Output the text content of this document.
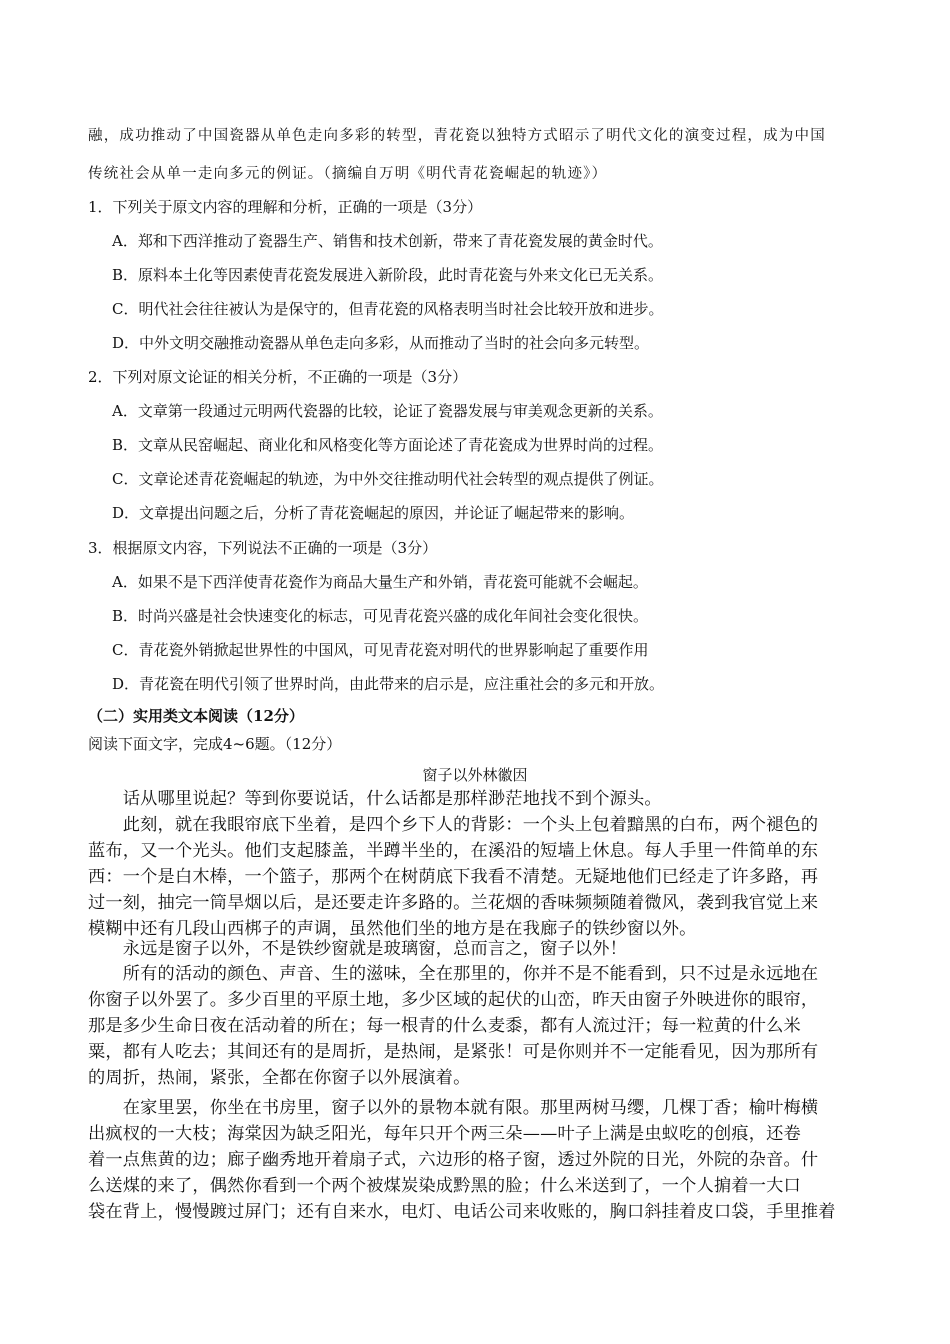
融，成功推动了中国瓷器从单色走向多彩的转型，青花瓷以独特方式昭示了明代文化的演变过程，成为中国
传统社会从单一走向多元的例证。（摘编自万明《明代青花瓷崛起的轨迹》）
1．下列关于原文内容的理解和分析，正确的一项是（3分）
A．郑和下西洋推动了瓷器生产、销售和技术创新，带来了青花瓷发展的黄金时代。
B．原料本土化等因素使青花瓷发展进入新阶段，此时青花瓷与外来文化已无关系。
C．明代社会往往被认为是保守的，但青花瓷的风格表明当时社会比较开放和进步。
D．中外文明交融推动瓷器从单色走向多彩，从而推动了当时的社会向多元转型。
2．下列对原文论证的相关分析，不正确的一项是（3分）
A．文章第一段通过元明两代瓷器的比较，论证了瓷器发展与审美观念更新的关系。
B．文章从民窑崛起、商业化和风格变化等方面论述了青花瓷成为世界时尚的过程。
C．文章论述青花瓷崛起的轨迹，为中外交往推动明代社会转型的观点提供了例证。
D．文章提出问题之后，分析了青花瓷崛起的原因，并论证了崛起带来的影响。
3．根据原文内容，下列说法不正确的一项是（3分）
A．如果不是下西洋使青花瓷作为商品大量生产和外销，青花瓷可能就不会崛起。
B．时尚兴盛是社会快速变化的标志，可见青花瓷兴盛的成化年间社会变化很快。
C．青花瓷外销掀起世界性的中国风，可见青花瓷对明代的世界影响起了重要作用
D．青花瓷在明代引领了世界时尚，由此带来的启示是，应注重社会的多元和开放。
（二）实用类文本阅读（12分）
阅读下面文字，完成4~6题。（12分）
窗子以外林徽因
　　话从哪里说起？等到你要说话，什么话都是那样渺茫地找不到个源头。
　　此刻，就在我眼帘底下坐着，是四个乡下人的背影：一个头上包着黯黑的白布，两个褪色的
蓝布，又一个光头。他们支起膝盖，半蹲半坐的，在溪沿的短墙上休息。每人手里一件简单的东
西：一个是白木棒，一个篮子，那两个在树荫底下我看不清楚。无疑地他们已经走了许多路，再
过一刻，抽完一筒旱烟以后，是还要走许多路的。兰花烟的香味频频随着微风，袭到我官觉上来
模糊中还有几段山西梆子的声调，虽然他们坐的地方是在我廊子的铁纱窗以外。
　　永远是窗子以外，不是铁纱窗就是玻璃窗，总而言之，窗子以外！
　　所有的活动的颜色、声音、生的滋味，全在那里的，你并不是不能看到，只不过是永远地在
你窗子以外罢了。多少百里的平原土地，多少区域的起伏的山峦，昨天由窗子外映进你的眼帘，
那是多少生命日夜在活动着的所在；每一根青的什么麦黍，都有人流过汗；每一粒黄的什么米
粟，都有人吃去；其间还有的是周折，是热闹，是紧张！可是你则并不一定能看见，因为那所有
的周折，热闹，紧张，全都在你窗子以外展演着。
　　在家里罢，你坐在书房里，窗子以外的景物本就有限。那里两树马缨，几棵丁香；榆叶梅横
出疯杈的一大枝；海棠因为缺乏阳光，每年只开个两三朵——叶子上满是虫蚁吃的创痕，还卷
着一点焦黄的边；廊子幽秀地开着扇子式，六边形的格子窗，透过外院的日光，外院的杂音。什
么送煤的来了，偶然你看到一个两个被煤炭染成黔黑的脸；什么米送到了，一个人掮着一大口
袋在背上，慢慢踱过屏门；还有自来水，电灯、电话公司来收账的，胸口斜挂着皮口袋，手里推着
